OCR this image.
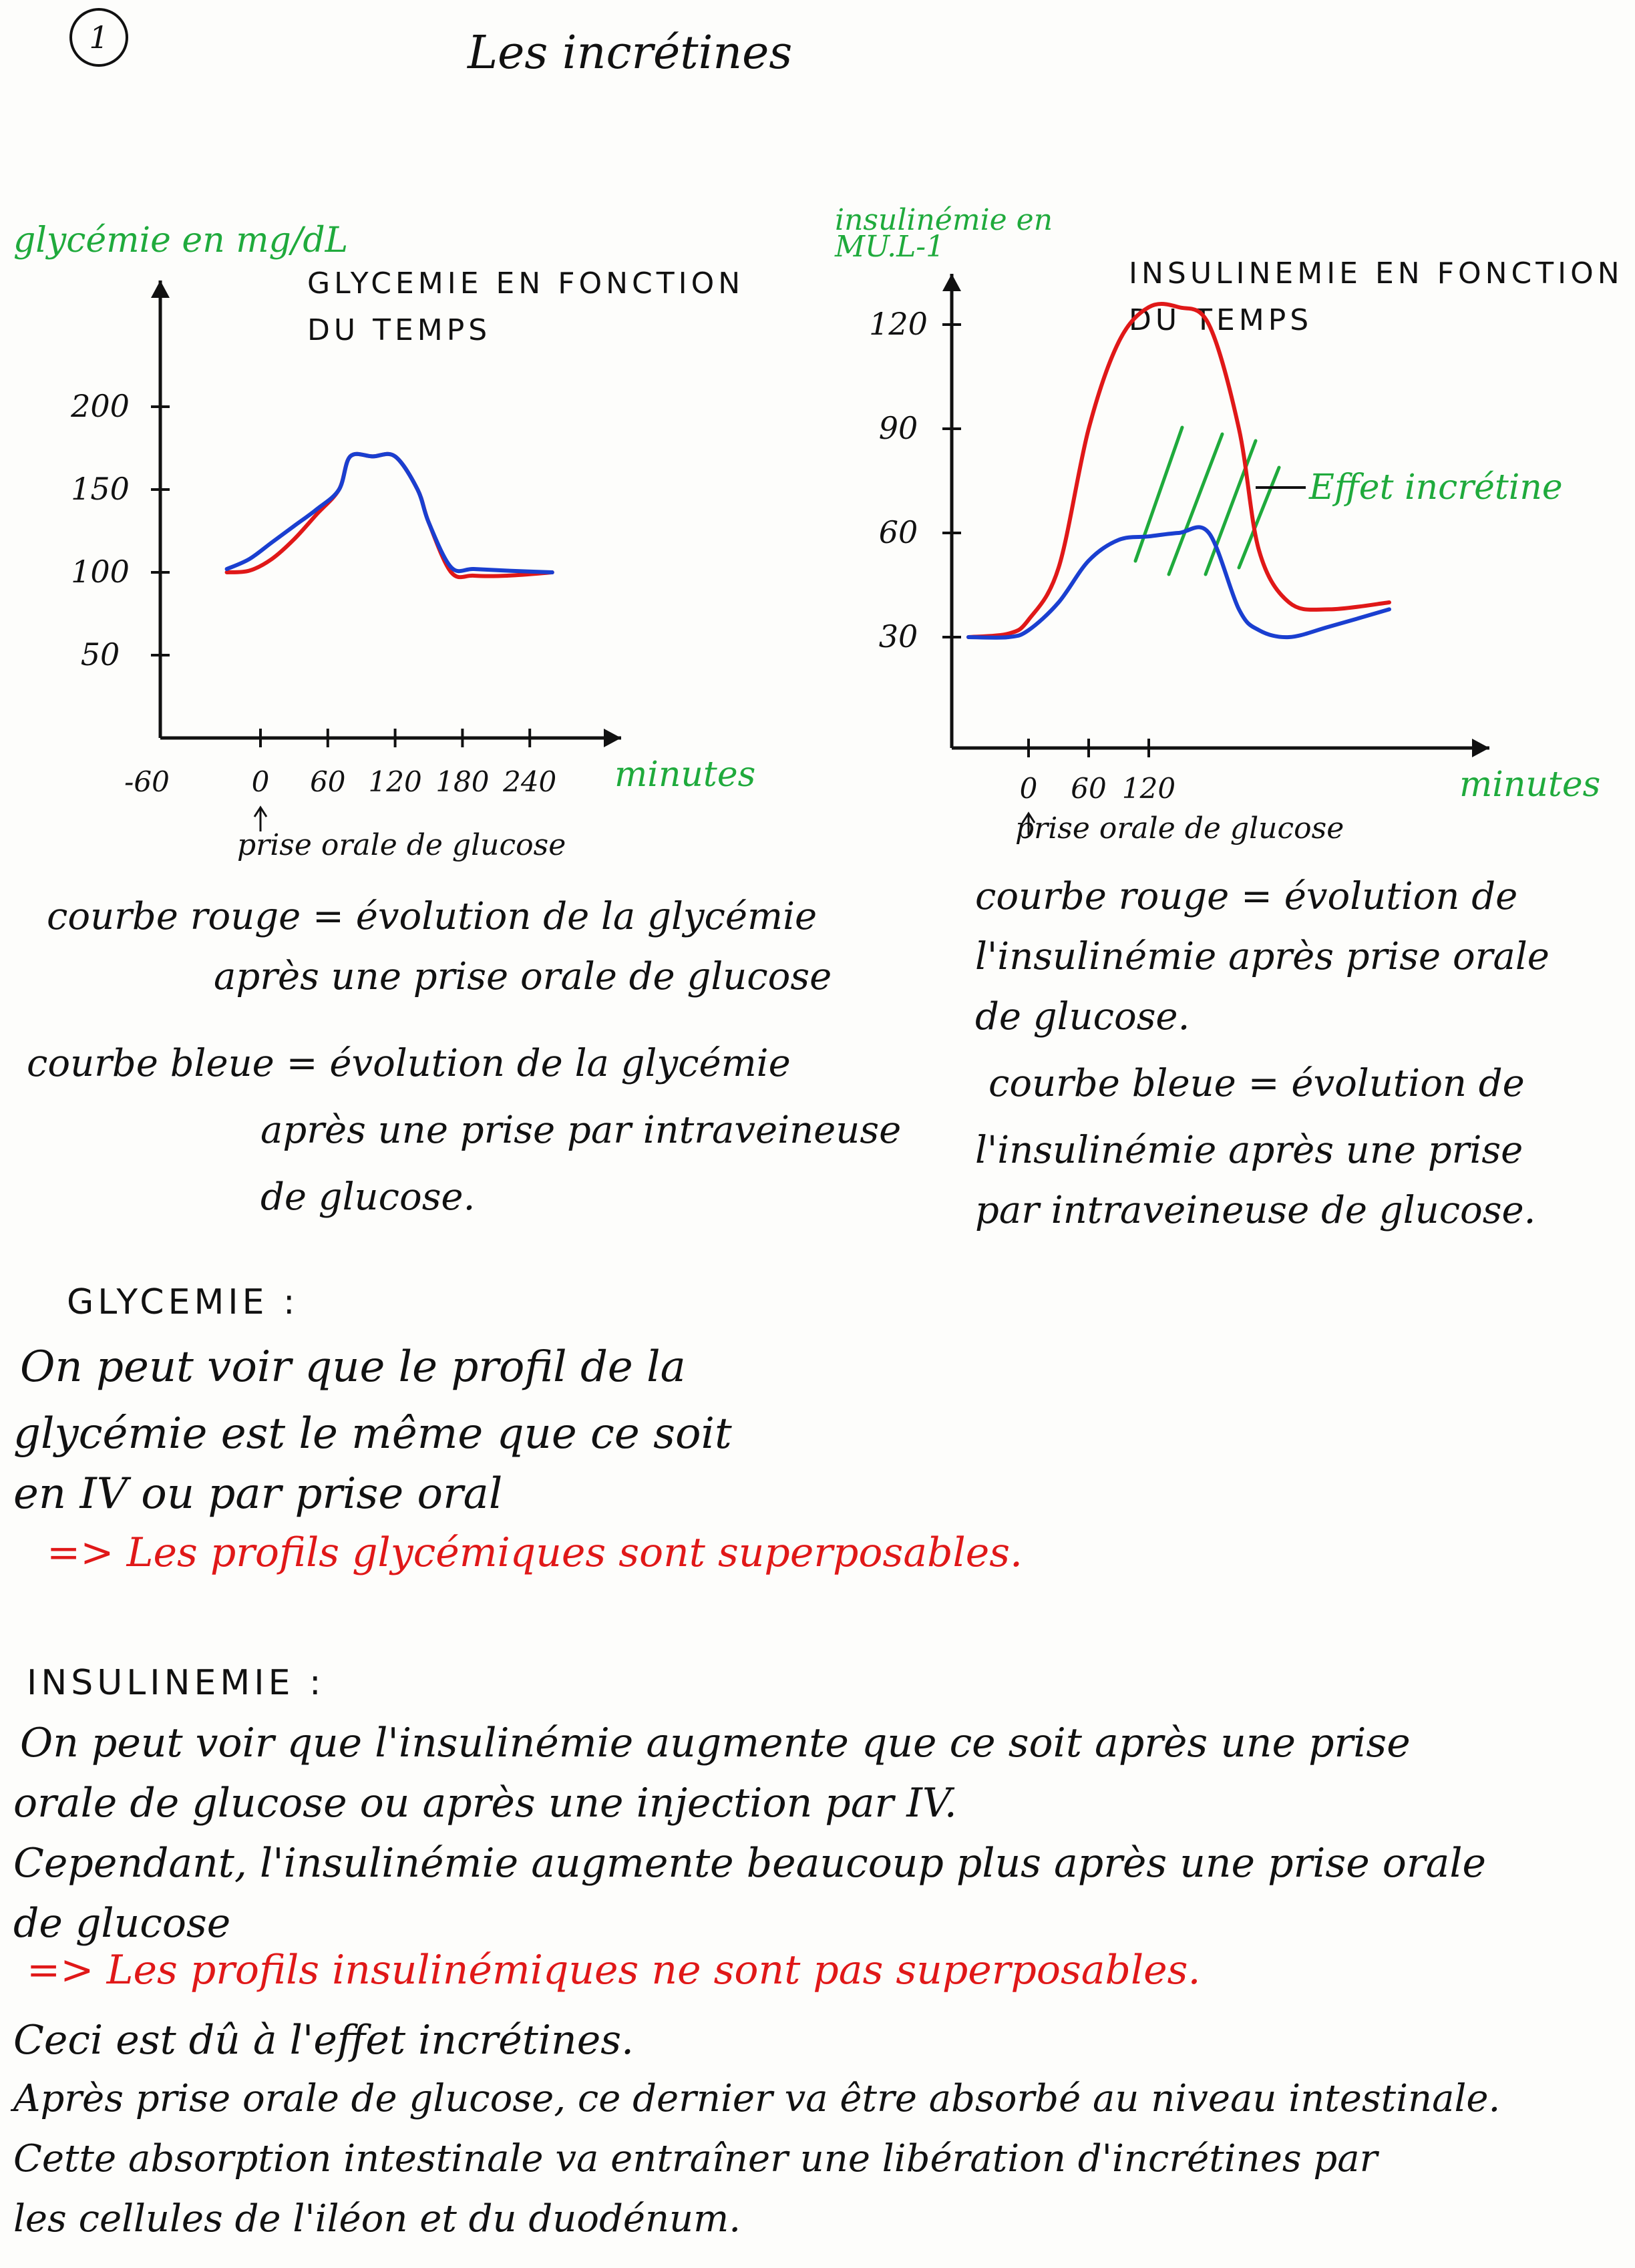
1	Les incrétines
glycémie en mg/dL
GLYCEMIE EN FONCTION DU TEMPS
minutes
prise orale de glucose
200
150
100
50
-60	0 60 120 180 240
insulinémie en MU.L-1
INSULINEMIE EN FONCTION DU TEMPS
Effet incrétine
minutes
prise orale de glucose
120
90
60
30
0 60 120
courbe rouge = évolution de la glycémie
après une prise orale de glucose
courbe bleue = évolution de la glycémie
après une prise par intraveineuse
de glucose.
courbe rouge = évolution de
l'insulinémie après prise orale
de glucose.
courbe bleue = évolution de
l'insulinémie après une prise
par intraveineuse de glucose.
GLYCEMIE :
On peut voir que le profil de la
glycémie est le même que ce soit
en IV ou par prise oral
=> Les profils glycémiques sont superposables.
INSULINEMIE :
On peut voir que l'insulinémie augmente que ce soit après une prise
orale de glucose ou après une injection par IV.
Cependant, l'insulinémie augmente beaucoup plus après une prise orale
de glucose
=> Les profils insulinémiques ne sont pas superposables.
Ceci est dû à l'effet incrétines.
Après prise orale de glucose, ce dernier va être absorbé au niveau intestinale.
Cette absorption intestinale va entraîner une libération d'incrétines par
les cellules de l'iléon et du duodénum.
